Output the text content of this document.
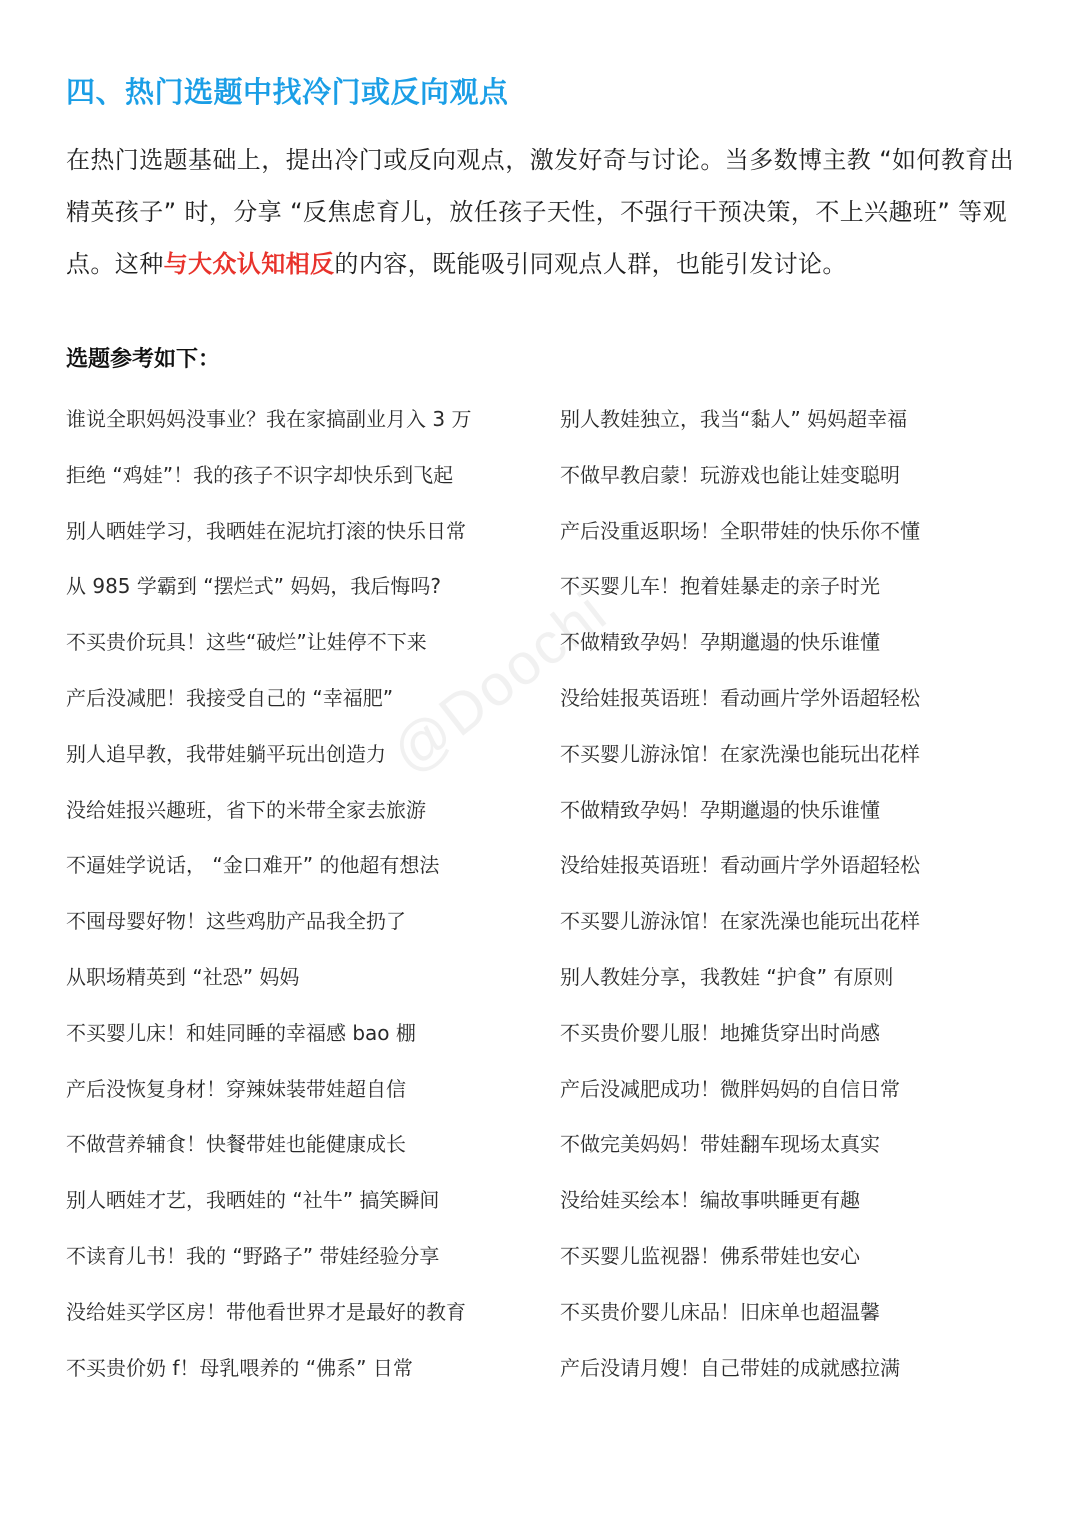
四、热门选题中找冷门或反向观点

在热门选题基础上，提出冷门或反向观点，激发好奇与讨论。当多数博主教 “如何教育出精英孩子” 时，分享 “反焦虑育儿，放任孩子天性，不强行干预决策，不上兴趣班” 等观点。这种与大众认知相反的内容，既能吸引同观点人群，也能引发讨论。

选题参考如下：
谁说全职妈妈没事业？我在家搞副业月入 3 万	别人教娃独立，我当“黏人” 妈妈超幸福
拒绝 “鸡娃”！我的孩子不识字却快乐到飞起	不做早教启蒙！玩游戏也能让娃变聪明
别人晒娃学习，我晒娃在泥坑打滚的快乐日常	产后没重返职场！全职带娃的快乐你不懂
从 985 学霸到 “摆烂式” 妈妈，我后悔吗?	不买婴儿车！抱着娃暴走的亲子时光
不买贵价玩具！这些“破烂”让娃停不下来	不做精致孕妈！孕期邋遢的快乐谁懂
产后没减肥！我接受自己的 “幸福肥”	没给娃报英语班！看动画片学外语超轻松
别人追早教，我带娃躺平玩出创造力	不买婴儿游泳馆！在家洗澡也能玩出花样
没给娃报兴趣班，省下的米带全家去旅游	不做精致孕妈！孕期邋遢的快乐谁懂
不逼娃学说话， “金口难开” 的他超有想法	没给娃报英语班！看动画片学外语超轻松
不囤母婴好物！这些鸡肋产品我全扔了	不买婴儿游泳馆！在家洗澡也能玩出花样
从职场精英到 “社恐” 妈妈	别人教娃分享，我教娃 “护食” 有原则
不买婴儿床！和娃同睡的幸福感 bao 棚	不买贵价婴儿服！地摊货穿出时尚感
产后没恢复身材！穿辣妹装带娃超自信	产后没减肥成功！微胖妈妈的自信日常
不做营养辅食！快餐带娃也能健康成长	不做完美妈妈！带娃翻车现场太真实
别人晒娃才艺，我晒娃的 “社牛” 搞笑瞬间	没给娃买绘本！编故事哄睡更有趣
不读育儿书！我的 “野路子” 带娃经验分享	不买婴儿监视器！佛系带娃也安心
没给娃买学区房！带他看世界才是最好的教育	不买贵价婴儿床品！旧床单也超温馨
不买贵价奶 f！母乳喂养的 “佛系” 日常	产后没请月嫂！自己带娃的成就感拉满
@Doochi
